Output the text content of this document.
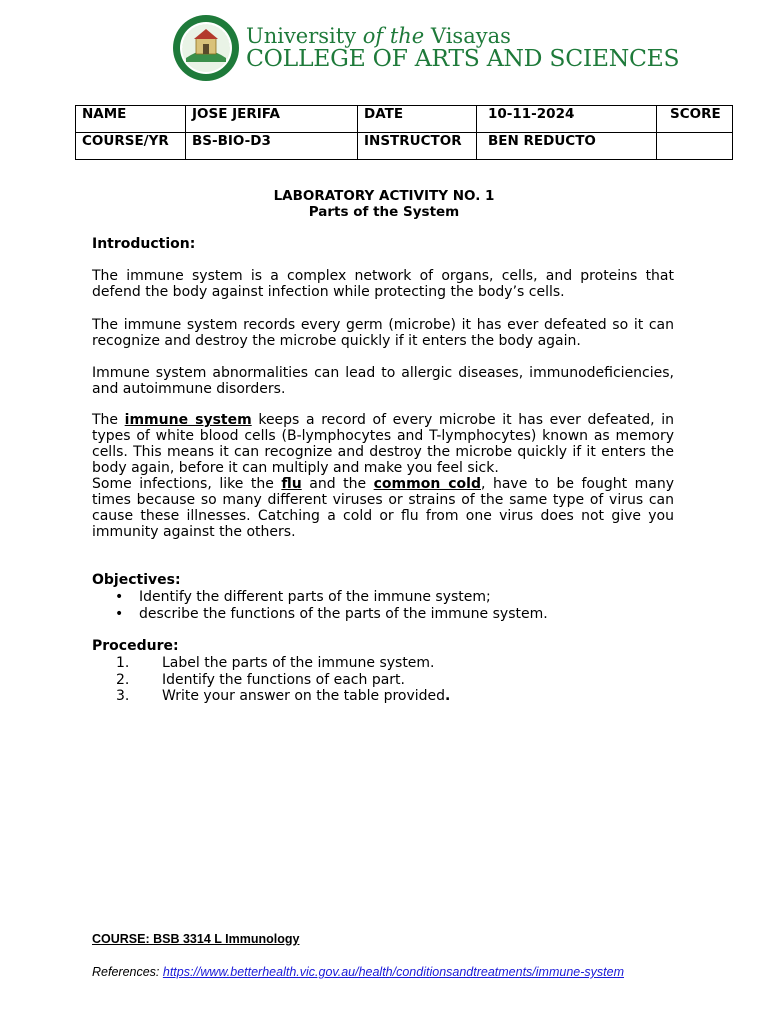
University of the Visayas
COLLEGE OF ARTS AND SCIENCES
NAME	JOSE JERIFA	DATE	10-11-2024	SCORE
COURSE/YR	BS-BIO-D3	INSTRUCTOR	BEN REDUCTO	
LABORATORY ACTIVITY NO. 1
Parts of the System
Introduction:
The immune system is a complex network of organs, cells, and proteins that defend the body against infection while protecting the body’s cells.
The immune system records every germ (microbe) it has ever defeated so it can recognize and destroy the microbe quickly if it enters the body again.
Immune system abnormalities can lead to allergic diseases, immunodeficiencies, and autoimmune disorders.
The immune system keeps a record of every microbe it has ever defeated, in types of white blood cells (B-lymphocytes and T-lymphocytes) known as memory cells. This means it can recognize and destroy the microbe quickly if it enters the body again, before it can multiply and make you feel sick.
Some infections, like the flu and the common cold, have to be fought many times because so many different viruses or strains of the same type of virus can cause these illnesses. Catching a cold or flu from one virus does not give you immunity against the others.
Objectives:
• Identify the different parts of the immune system;
• describe the functions of the parts of the immune system.
Procedure:
1. Label the parts of the immune system.
2. Identify the functions of each part.
3. Write your answer on the table provided.
COURSE: BSB 3314 L Immunology
References: https://www.betterhealth.vic.gov.au/health/conditionsandtreatments/immune-system
